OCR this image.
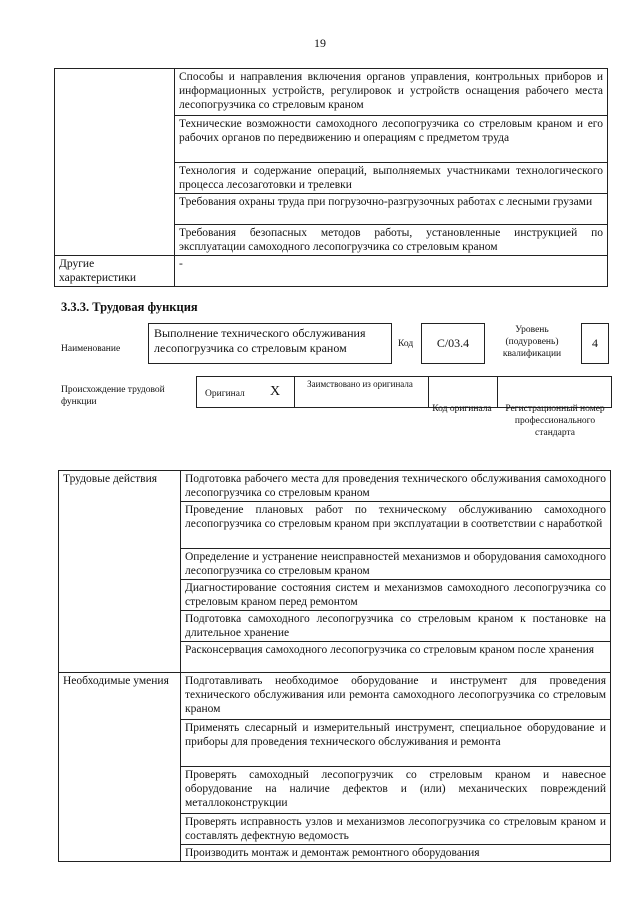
19
	Способы и направления включения органов управления, контрольных приборов и информационных устройств, регулировок и устройств оснащения рабочего места лесопогрузчика со стреловым краном
	Технические возможности самоходного лесопогрузчика со стреловым краном и его рабочих органов по передвижению и операциям с предметом труда
	Технология и содержание операций, выполняемых участниками технологического процесса лесозаготовки и трелевки
	Требования охраны труда при погрузочно-разгрузочных работах с лесными грузами
	Требования безопасных методов работы, установленные инструкцией по эксплуатации самоходного лесопогрузчика со стреловым краном
Другие характеристики	-
3.3.3. Трудовая функция
Наименование
Выполнение технического обслуживания лесопогрузчика со стреловым краном	Код	C/03.4
Уровень (подуровень) квалификации
4
Происхождение трудовой функции
Оригинал X	Заимствовано из оригинала
Код оригинала	Регистрационный номер профессионального стандарта
Трудовые действия	Подготовка рабочего места для проведения технического обслуживания самоходного лесопогрузчика со стреловым краном
	Проведение плановых работ по техническому обслуживанию самоходного лесопогрузчика со стреловым краном при эксплуатации в соответствии с наработкой
	Определение и устранение неисправностей механизмов и оборудования самоходного лесопогрузчика со стреловым краном
	Диагностирование состояния систем и механизмов самоходного лесопогрузчика со стреловым краном перед ремонтом
	Подготовка самоходного лесопогрузчика со стреловым краном к постановке на длительное хранение
	Расконсервация самоходного лесопогрузчика со стреловым краном после хранения
Необходимые умения	Подготавливать необходимое оборудование и инструмент для проведения технического обслуживания или ремонта самоходного лесопогрузчика со стреловым краном
	Применять слесарный и измерительный инструмент, специальное оборудование и приборы для проведения технического обслуживания и ремонта
	Проверять самоходный лесопогрузчик со стреловым краном и навесное оборудование на наличие дефектов и (или) механических повреждений металлоконструкции
	Проверять исправность узлов и механизмов лесопогрузчика со стреловым краном и составлять дефектную ведомость
	Производить монтаж и демонтаж ремонтного оборудования
